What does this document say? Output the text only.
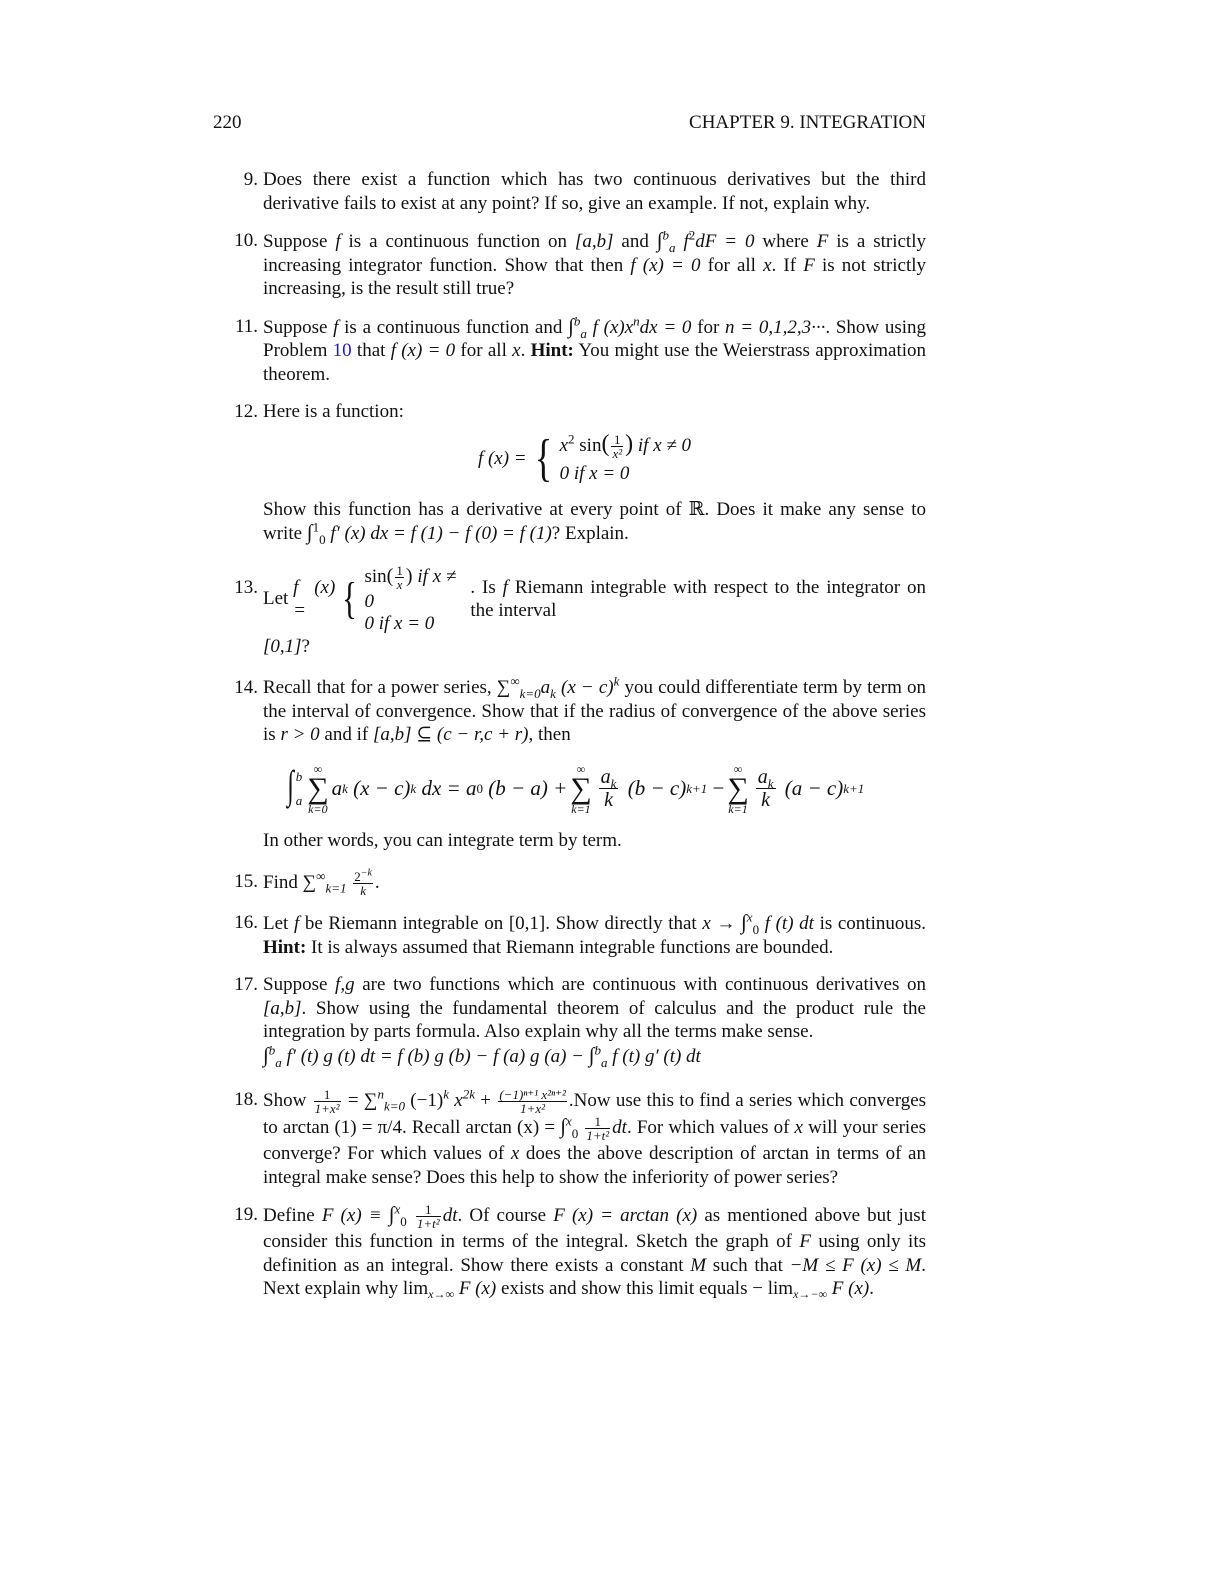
220	CHAPTER 9. INTEGRATION
9. Does there exist a function which has two continuous derivatives but the third derivative fails to exist at any point? If so, give an example. If not, explain why.
10. Suppose f is a continuous function on [a,b] and ∫$^b_a$ $f^2dF = 0$ where F is a strictly increasing integrator function. Show that then f (x) = 0 for all x. If F is not strictly increasing, is the result still true?
11. Suppose f is a continuous function and ∫$^b_a$ f $(x)x^ndx = 0$ for n = 0,1,2,3···. Show using Problem 10 that f (x) = 0 for all x. Hint: You might use the Weierstrass approximation theorem.
12. Here is a function:
f (x) = { $x^2$ $\sin( \frac{1}{\text{x²}}$ ) if x ≠ 0
0 if x = 0
Show this function has a derivative at every point of ℝ. Does it make any sense to write ∫$^1_0$ f′ (x) dx = f (1) − f (0) = f (1)? Explain.
13.
Let

f (x) = { $\sin( \frac{1}{x}$ ) if x ≠ 0
0 if x = 0
. Is f Riemann integrable with respect to the integrator on the interval
[0,1]?
14. Recall that for a power series, $\sum^\infty_{k=0}a_k$ $(x - c)^k$ you could differentiate term by term on the interval of convergence. Show that if the radius of convergence of the above series is r > 0 and if [a,b] ⊆ (c − r,c + r), then
∫ b
a
∞
∑
k=0
a k (x − c) k dx = a 0 (b − a) +
∞
∑
k=1
$a_k$
k
(b − c) k+1 −
∞
∑
k=1
$a_k$
k
(a − c) k+1
In other words, you can integrate term by term.
15. Find $\sum^\infty_{k=1} \frac{2^{-k}}{k}$ .
16. Let f be Riemann integrable on [0,1]. Show directly that x → ∫$^x_0$ f (t) dt is continuous. Hint: It is always assumed that Riemann integrable functions are bounded.
17. Suppose f,g are two functions which are continuous with continuous derivatives on [a,b]. Show using the fundamental theorem of calculus and the product rule the integration by parts formula. Also explain why all the terms make sense.
∫$^b_a$ f′ (t) g (t) dt = f (b) g (b) − f (a) g (a) − ∫$^b_a$ f (t) g′ (t) dt
18. Show $\frac{1}{\text{1+x²}} = \sum^n_{k=0}$ $(-1)^k$ $x^{2k} + \frac{\text{(−1)ⁿ⁺¹ x²ⁿ⁺²}}{\text{1+x²}} .Now$ use this to find a series which converges to arctan (1) = π/4. Recall $\arctan (x) = \int^x_0 \frac{1}{\text{1+t²}}$ dt. For which values of x will your series converge? For which values of x does the above description of arctan in terms of an integral make sense? Does this help to show the inferiority of power series?
19. Define F $(x) \equiv \int^x_0 \frac{1}{\text{1+t²}}$ dt. Of course F (x) = arctan (x) as mentioned above but just consider this function in terms of the integral. Sketch the graph of F using only its definition as an integral. Show there exists a constant M such that −M ≤ F (x) ≤ M. Next explain why $\lim_{x\to\infty} F$ (x) exists and show this limit equals − $\lim_{x\to-\infty} F$ (x).
